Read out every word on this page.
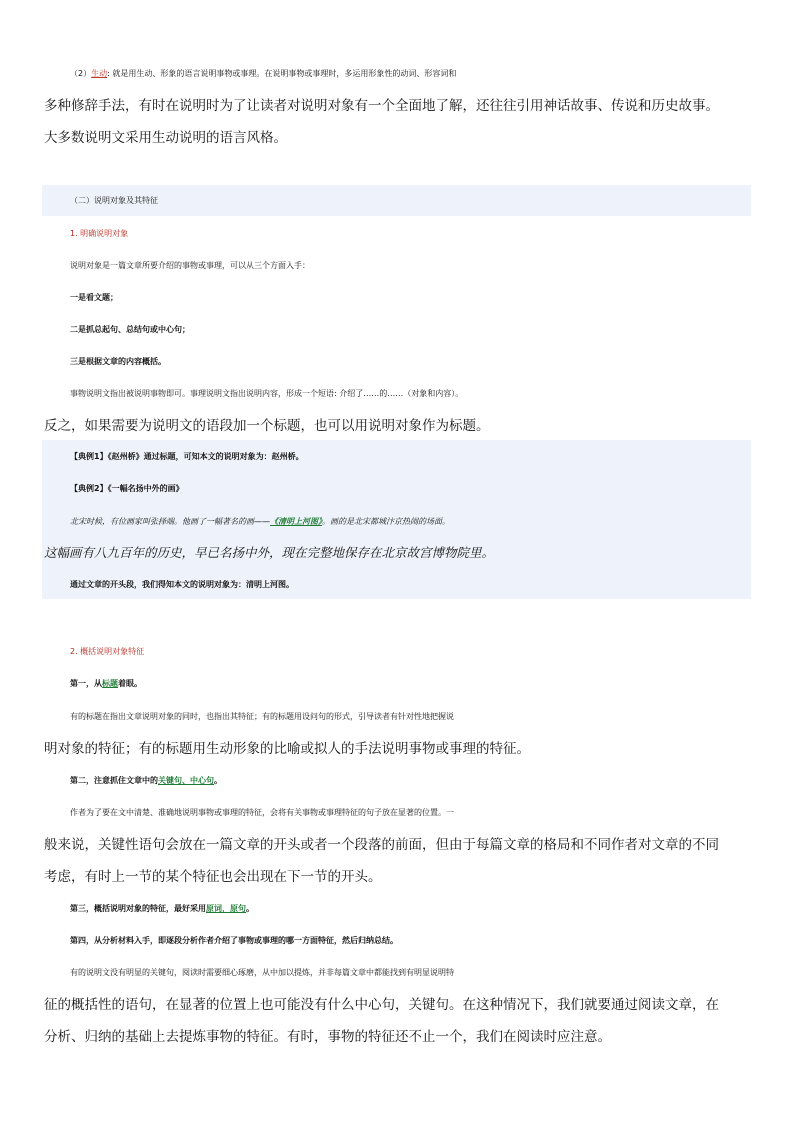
（2）生动: 就是用生动、形象的语言说明事物或事理。在说明事物或事理时，多运用形象性的动词、形容词和

多种修辞手法，有时在说明时为了让读者对说明对象有一个全面地了解，还往往引用神话故事、传说和历史故事。

大多数说明文采用生动说明的语言风格。

（二）说明对象及其特征

1. 明确说明对象

说明对象是一篇文章所要介绍的事物或事理，可以从三个方面入手：

一是看文题；

二是抓总起句、总结句或中心句；

三是根据文章的内容概括。

事物说明文指出被说明事物即可。事理说明文指出说明内容，形成一个短语: 介绍了……的……（对象和内容）。

反之，如果需要为说明文的语段加一个标题，也可以用说明对象作为标题。

【典例1】《赵州桥》通过标题，可知本文的说明对象为：赵州桥。

【典例2】《一幅名扬中外的画》

北宋时候，有位画家叫张择端。他画了一幅著名的画——《清明上河图》。画的是北宋都城汴京热闹的场面。

这幅画有八九百年的历史，早已名扬中外，现在完整地保存在北京故宫博物院里。

通过文章的开头段，我们得知本文的说明对象为：清明上河图。

2. 概括说明对象特征

第一，从标题着眼。

有的标题在指出文章说明对象的同时，也指出其特征；有的标题用设问句的形式，引导读者有针对性地把握说

明对象的特征；有的标题用生动形象的比喻或拟人的手法说明事物或事理的特征。

第二，注意抓住文章中的关键句、中心句。

作者为了要在文中清楚、准确地说明事物或事理的特征，会将有关事物或事理特征的句子放在显著的位置。一

般来说，关键性语句会放在一篇文章的开头或者一个段落的前面，但由于每篇文章的格局和不同作者对文章的不同

考虑，有时上一节的某个特征也会出现在下一节的开头。

第三，概括说明对象的特征，最好采用原词，原句。

第四，从分析材料入手，即逐段分析作者介绍了事物或事理的哪一方面特征，然后归纳总结。

有的说明文没有明显的关键句，阅读时需要细心琢磨，从中加以提炼，并非每篇文章中都能找到有明显说明特

征的概括性的语句，在显著的位置上也可能没有什么中心句，关键句。在这种情况下，我们就要通过阅读文章，在

分析、归纳的基础上去提炼事物的特征。有时，事物的特征还不止一个，我们在阅读时应注意。
